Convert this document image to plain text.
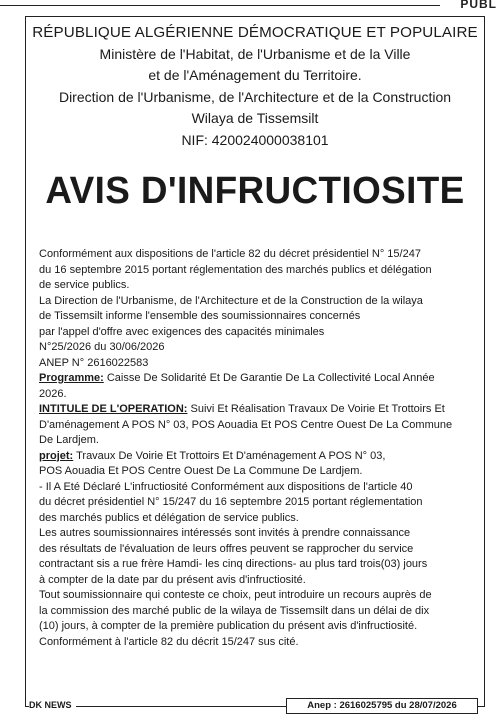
PUBL
RÉPUBLIQUE ALGÉRIENNE DÉMOCRATIQUE ET POPULAIRE
Ministère de l'Habitat, de l'Urbanisme et de la Ville
et de l'Aménagement du Territoire.
Direction de l'Urbanisme, de l'Architecture et de la Construction
Wilaya de Tissemsilt
NIF: 420024000038101
AVIS D'INFRUCTIOSITE
Conformément aux dispositions de l'article 82 du décret présidentiel N° 15/247
du 16 septembre 2015 portant réglementation des marchés publics et délégation
de service publics.
La Direction de l'Urbanisme, de l'Architecture et de la Construction de la wilaya
de Tissemsilt informe l'ensemble des soumissionnaires concernés
par l'appel d'offre avec exigences des capacités minimales
N°25/2026 du 30/06/2026
ANEP N° 2616022583
Programme: Caisse De Solidarité Et De Garantie De La Collectivité Local Année
2026.
INTITULE DE L'OPERATION: Suivi Et Réalisation Travaux De Voirie Et Trottoirs Et
D'aménagement A POS N° 03, POS Aouadia Et POS Centre Ouest De La Commune
De Lardjem.
projet: Travaux De Voirie Et Trottoirs Et D'aménagement A POS N° 03,
POS Aouadia Et POS Centre Ouest De La Commune De Lardjem.
- Il A Eté Déclaré L'infructiosité Conformément aux dispositions de l'article 40
du décret présidentiel N° 15/247 du 16 septembre 2015 portant réglementation
des marchés publics et délégation de service publics.
Les autres soumissionnaires intéressés sont invités à prendre connaissance
des résultats de l'évaluation de leurs offres peuvent se rapprocher du service
contractant sis a rue frère Hamdi- les cinq directions- au plus tard trois(03) jours
à compter de la date par du présent avis d'infructiosité.
Tout soumissionnaire qui conteste ce choix, peut introduire un recours auprès de
la commission des marché public de la wilaya de Tissemsilt dans un délai de dix
(10) jours, à compter de la première publication du présent avis d'infructiosité.
Conformément à l'article 82 du décrit 15/247 sus cité.
DK NEWS	Anep : 2616025795 du 28/07/2026
